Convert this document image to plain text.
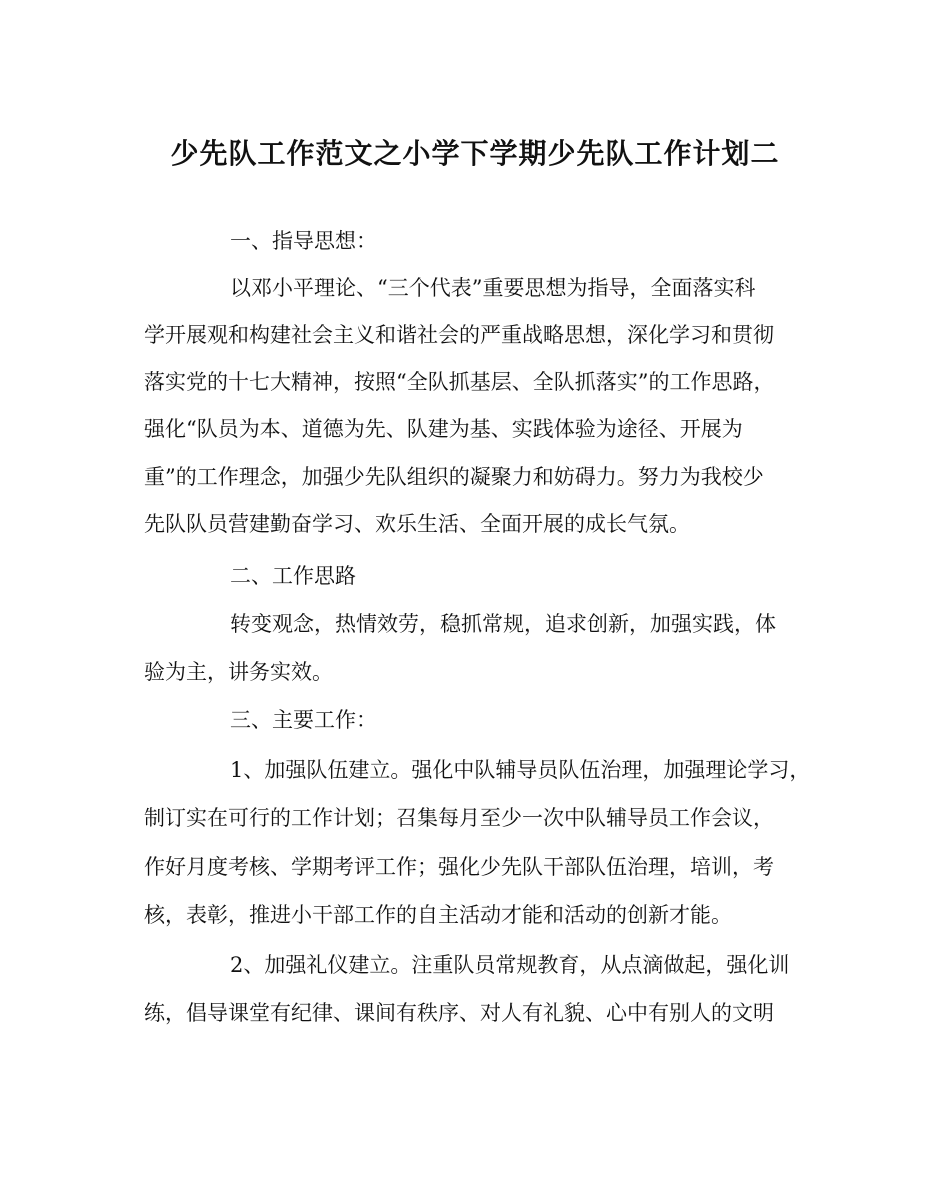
少先队工作范文之小学下学期少先队工作计划二

一、指导思想：

以邓小平理论、“三个代表”重要思想为指导，全面落实科

学开展观和构建社会主义和谐社会的严重战略思想，深化学习和贯彻

落实党的十七大精神，按照“全队抓基层、全队抓落实”的工作思路，

强化“队员为本、道德为先、队建为基、实践体验为途径、开展为

重”的工作理念，加强少先队组织的凝聚力和妨碍力。努力为我校少

先队队员营建勤奋学习、欢乐生活、全面开展的成长气氛。

二、工作思路

转变观念，热情效劳，稳抓常规，追求创新，加强实践，体

验为主，讲务实效。

三、主要工作：

1、加强队伍建立。强化中队辅导员队伍治理，加强理论学习，

制订实在可行的工作计划；召集每月至少一次中队辅导员工作会议，

作好月度考核、学期考评工作；强化少先队干部队伍治理，培训，考

核，表彰，推进小干部工作的自主活动才能和活动的创新才能。

2、加强礼仪建立。注重队员常规教育，从点滴做起，强化训

练，倡导课堂有纪律、课间有秩序、对人有礼貌、心中有别人的文明
